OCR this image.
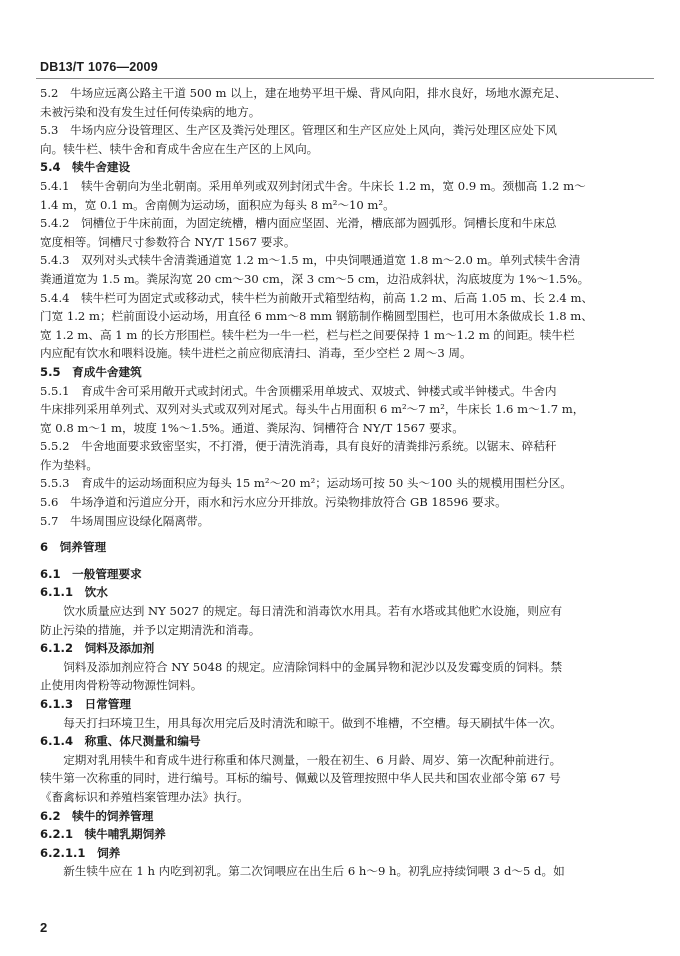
DB13/T 1076—2009
5.2　牛场应远离公路主干道 500 m 以上，建在地势平坦干燥、背风向阳，排水良好，场地水源充足、
未被污染和没有发生过任何传染病的地方。
5.3　牛场内应分设管理区、生产区及粪污处理区。管理区和生产区应处上风向，粪污处理区应处下风
向。犊牛栏、犊牛舍和育成牛舍应在生产区的上风向。
5.4　犊牛舍建设
5.4.1　犊牛舍朝向为坐北朝南。采用单列或双列封闭式牛舍。牛床长 1.2 m，宽 0.9 m。颈枷高 1.2 m～
1.4 m，宽 0.1 m。舍南侧为运动场，面积应为每头 8 m²～10 m²。
5.4.2　饲槽位于牛床前面，为固定统槽，槽内面应坚固、光滑，槽底部为圆弧形。饲槽长度和牛床总
宽度相等。饲槽尺寸参数符合 NY/T 1567 要求。
5.4.3　双列对头式犊牛舍清粪通道宽 1.2 m～1.5 m，中央饲喂通道宽 1.8 m～2.0 m。单列式犊牛舍清
粪通道宽为 1.5 m。粪尿沟宽 20 cm～30 cm，深 3 cm～5 cm，边沿成斜状，沟底坡度为 1%～1.5%。
5.4.4　犊牛栏可为固定式或移动式，犊牛栏为前敞开式箱型结构，前高 1.2 m、后高 1.05 m、长 2.4 m、
门宽 1.2 m；栏前面设小运动场，用直径 6 mm～8 mm 钢筋制作椭圆型围栏，也可用木条做成长 1.8 m、
宽 1.2 m、高 1 m 的长方形围栏。犊牛栏为一牛一栏，栏与栏之间要保持 1 m～1.2 m 的间距。犊牛栏
内应配有饮水和喂料设施。犊牛进栏之前应彻底清扫、消毒，至少空栏 2 周～3 周。
5.5　育成牛舍建筑
5.5.1　育成牛舍可采用敞开式或封闭式。牛舍顶棚采用单坡式、双坡式、钟楼式或半钟楼式。牛舍内
牛床排列采用单列式、双列对头式或双列对尾式。每头牛占用面积 6 m²～7 m²，牛床长 1.6 m～1.7 m，
宽 0.8 m～1 m，坡度 1%～1.5%。通道、粪尿沟、饲槽符合 NY/T 1567 要求。
5.5.2　牛舍地面要求致密坚实，不打滑，便于清洗消毒，具有良好的清粪排污系统。以锯末、碎秸秆
作为垫料。
5.5.3　育成牛的运动场面积应为每头 15 m²～20 m²；运动场可按 50 头～100 头的规模用围栏分区。
5.6　牛场净道和污道应分开，雨水和污水应分开排放。污染物排放符合 GB 18596 要求。
5.7　牛场周围应设绿化隔离带。
6　饲养管理
6.1　一般管理要求
6.1.1　饮水
　　饮水质量应达到 NY 5027 的规定。每日清洗和消毒饮水用具。若有水塔或其他贮水设施，则应有
防止污染的措施，并予以定期清洗和消毒。
6.1.2　饲料及添加剂
　　饲料及添加剂应符合 NY 5048 的规定。应清除饲料中的金属异物和泥沙以及发霉变质的饲料。禁
止使用肉骨粉等动物源性饲料。
6.1.3　日常管理
　　每天打扫环境卫生，用具每次用完后及时清洗和晾干。做到不堆槽，不空槽。每天刷拭牛体一次。
6.1.4　称重、体尺测量和编号
　　定期对乳用犊牛和育成牛进行称重和体尺测量，一般在初生、6 月龄、周岁、第一次配种前进行。
犊牛第一次称重的同时，进行编号。耳标的编号、佩戴以及管理按照中华人民共和国农业部令第 67 号
《畜禽标识和养殖档案管理办法》执行。
6.2　犊牛的饲养管理
6.2.1　犊牛哺乳期饲养
6.2.1.1　饲养
　　新生犊牛应在 1 h 内吃到初乳。第二次饲喂应在出生后 6 h～9 h。初乳应持续饲喂 3 d～5 d。如
2
